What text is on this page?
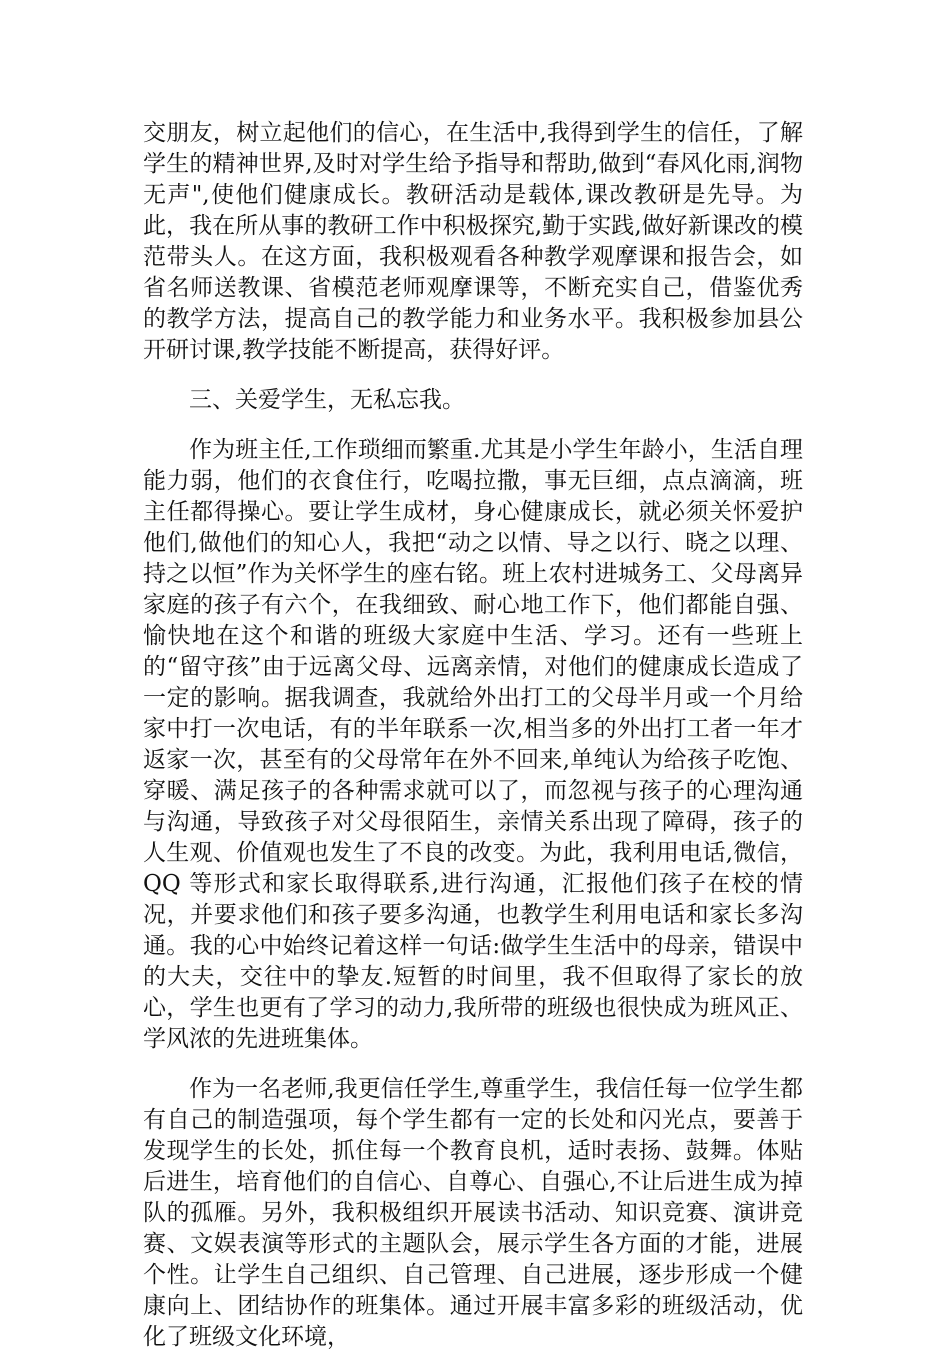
交朋友，树立起他们的信心，在生活中,我得到学生的信任，了解学生的精神世界,及时对学生给予指导和帮助,做到“春风化雨,润物无声",使他们健康成长。教研活动是载体,课改教研是先导。为此，我在所从事的教研工作中积极探究,勤于实践,做好新课改的模范带头人。在这方面，我积极观看各种教学观摩课和报告会，如省名师送教课、省模范老师观摩课等，不断充实自己，借鉴优秀的教学方法，提高自己的教学能力和业务水平。我积极参加县公开研讨课,教学技能不断提高，获得好评。

三、关爱学生，无私忘我。

作为班主任,工作琐细而繁重.尤其是小学生年龄小，生活自理能力弱，他们的衣食住行，吃喝拉撒，事无巨细，点点滴滴，班主任都得操心。要让学生成材，身心健康成长，就必须关怀爱护他们,做他们的知心人，我把“动之以情、导之以行、晓之以理、持之以恒”作为关怀学生的座右铭。班上农村进城务工、父母离异家庭的孩子有六个，在我细致、耐心地工作下，他们都能自强、愉快地在这个和谐的班级大家庭中生活、学习。还有一些班上的“留守孩”由于远离父母、远离亲情，对他们的健康成长造成了一定的影响。据我调查，我就给外出打工的父母半月或一个月给家中打一次电话，有的半年联系一次,相当多的外出打工者一年才返家一次，甚至有的父母常年在外不回来,单纯认为给孩子吃饱、穿暖、满足孩子的各种需求就可以了，而忽视与孩子的心理沟通与沟通，导致孩子对父母很陌生，亲情关系出现了障碍，孩子的人生观、价值观也发生了不良的改变。为此，我利用电话,微信，QQ 等形式和家长取得联系,进行沟通，汇报他们孩子在校的情况，并要求他们和孩子要多沟通，也教学生利用电话和家长多沟通。我的心中始终记着这样一句话:做学生生活中的母亲，错误中的大夫，交往中的挚友.短暂的时间里，我不但取得了家长的放心，学生也更有了学习的动力,我所带的班级也很快成为班风正、学风浓的先进班集体。

作为一名老师,我更信任学生,尊重学生，我信任每一位学生都有自己的制造强项，每个学生都有一定的长处和闪光点，要善于发现学生的长处，抓住每一个教育良机，适时表扬、鼓舞。体贴后进生，培育他们的自信心、自尊心、自强心,不让后进生成为掉队的孤雁。另外，我积极组织开展读书活动、知识竞赛、演讲竞赛、文娱表演等形式的主题队会，展示学生各方面的才能，进展个性。让学生自己组织、自己管理、自己进展，逐步形成一个健康向上、团结协作的班集体。通过开展丰富多彩的班级活动，优化了班级文化环境，
